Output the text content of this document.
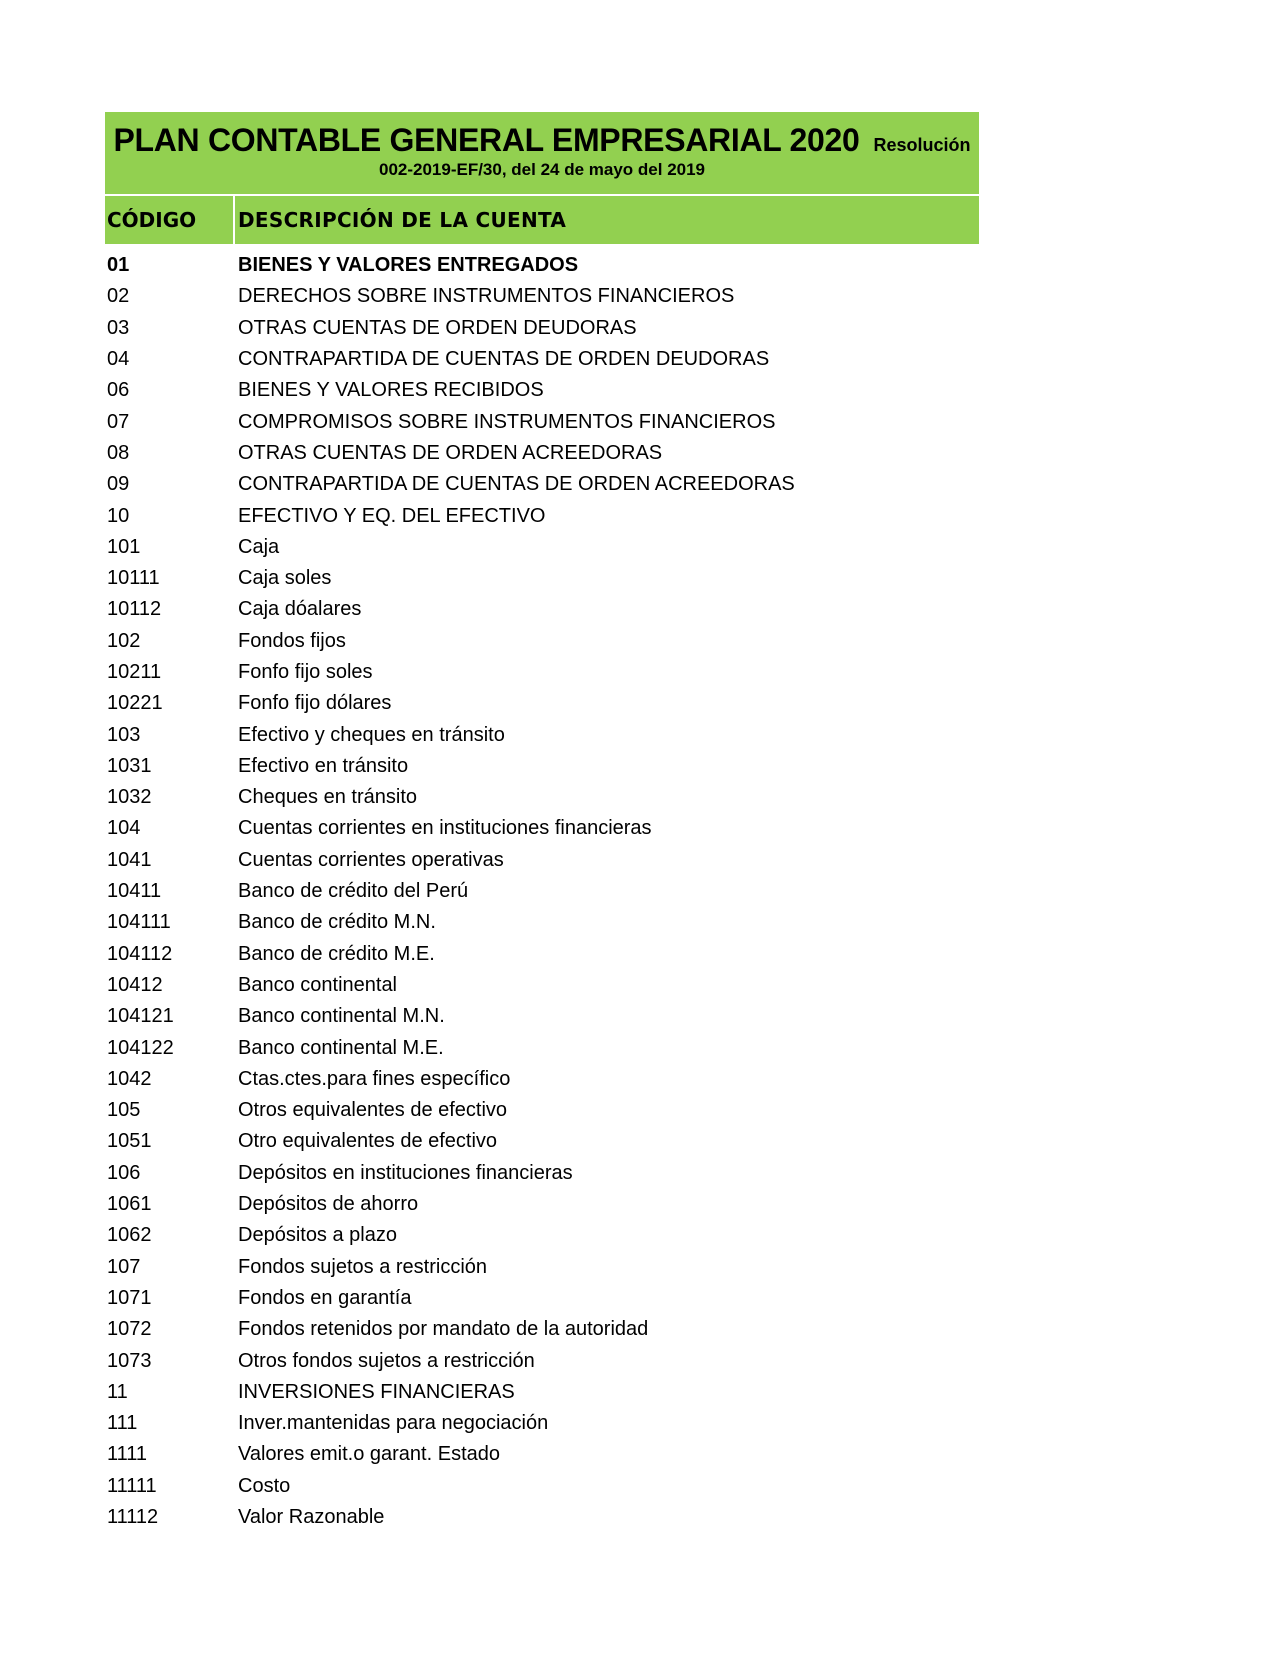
PLAN CONTABLE GENERAL EMPRESARIAL 2020 Resolución
002-2019-EF/30, del 24 de mayo del 2019
CÓDIGO	DESCRIPCIÓN DE LA CUENTA
01	BIENES Y VALORES ENTREGADOS
02	DERECHOS SOBRE INSTRUMENTOS FINANCIEROS
03	OTRAS CUENTAS DE ORDEN DEUDORAS
04	CONTRAPARTIDA DE CUENTAS DE ORDEN DEUDORAS
06	BIENES Y VALORES RECIBIDOS
07	COMPROMISOS SOBRE INSTRUMENTOS FINANCIEROS
08	OTRAS CUENTAS DE ORDEN ACREEDORAS
09	CONTRAPARTIDA DE CUENTAS DE ORDEN ACREEDORAS
10	EFECTIVO Y EQ. DEL EFECTIVO
101	Caja
10111	Caja soles
10112	Caja dóalares
102	Fondos fijos
10211	Fonfo fijo soles
10221	Fonfo fijo dólares
103	Efectivo y cheques en tránsito
1031	Efectivo en tránsito
1032	Cheques en tránsito
104	Cuentas corrientes en instituciones financieras
1041	Cuentas corrientes operativas
10411	Banco de crédito del Perú
104111	Banco de crédito M.N.
104112	Banco de crédito M.E.
10412	Banco continental
104121	Banco continental M.N.
104122	Banco continental M.E.
1042	Ctas.ctes.para fines específico
105	Otros equivalentes de efectivo
1051	Otro equivalentes de efectivo
106	Depósitos en instituciones financieras
1061	Depósitos de ahorro
1062	Depósitos a plazo
107	Fondos sujetos a restricción
1071	Fondos en garantía
1072	Fondos retenidos por mandato de la autoridad
1073	Otros fondos sujetos a restricción
11	INVERSIONES FINANCIERAS
111	Inver.mantenidas para negociación
1111	Valores emit.o garant. Estado
11111	Costo
11112	Valor Razonable
